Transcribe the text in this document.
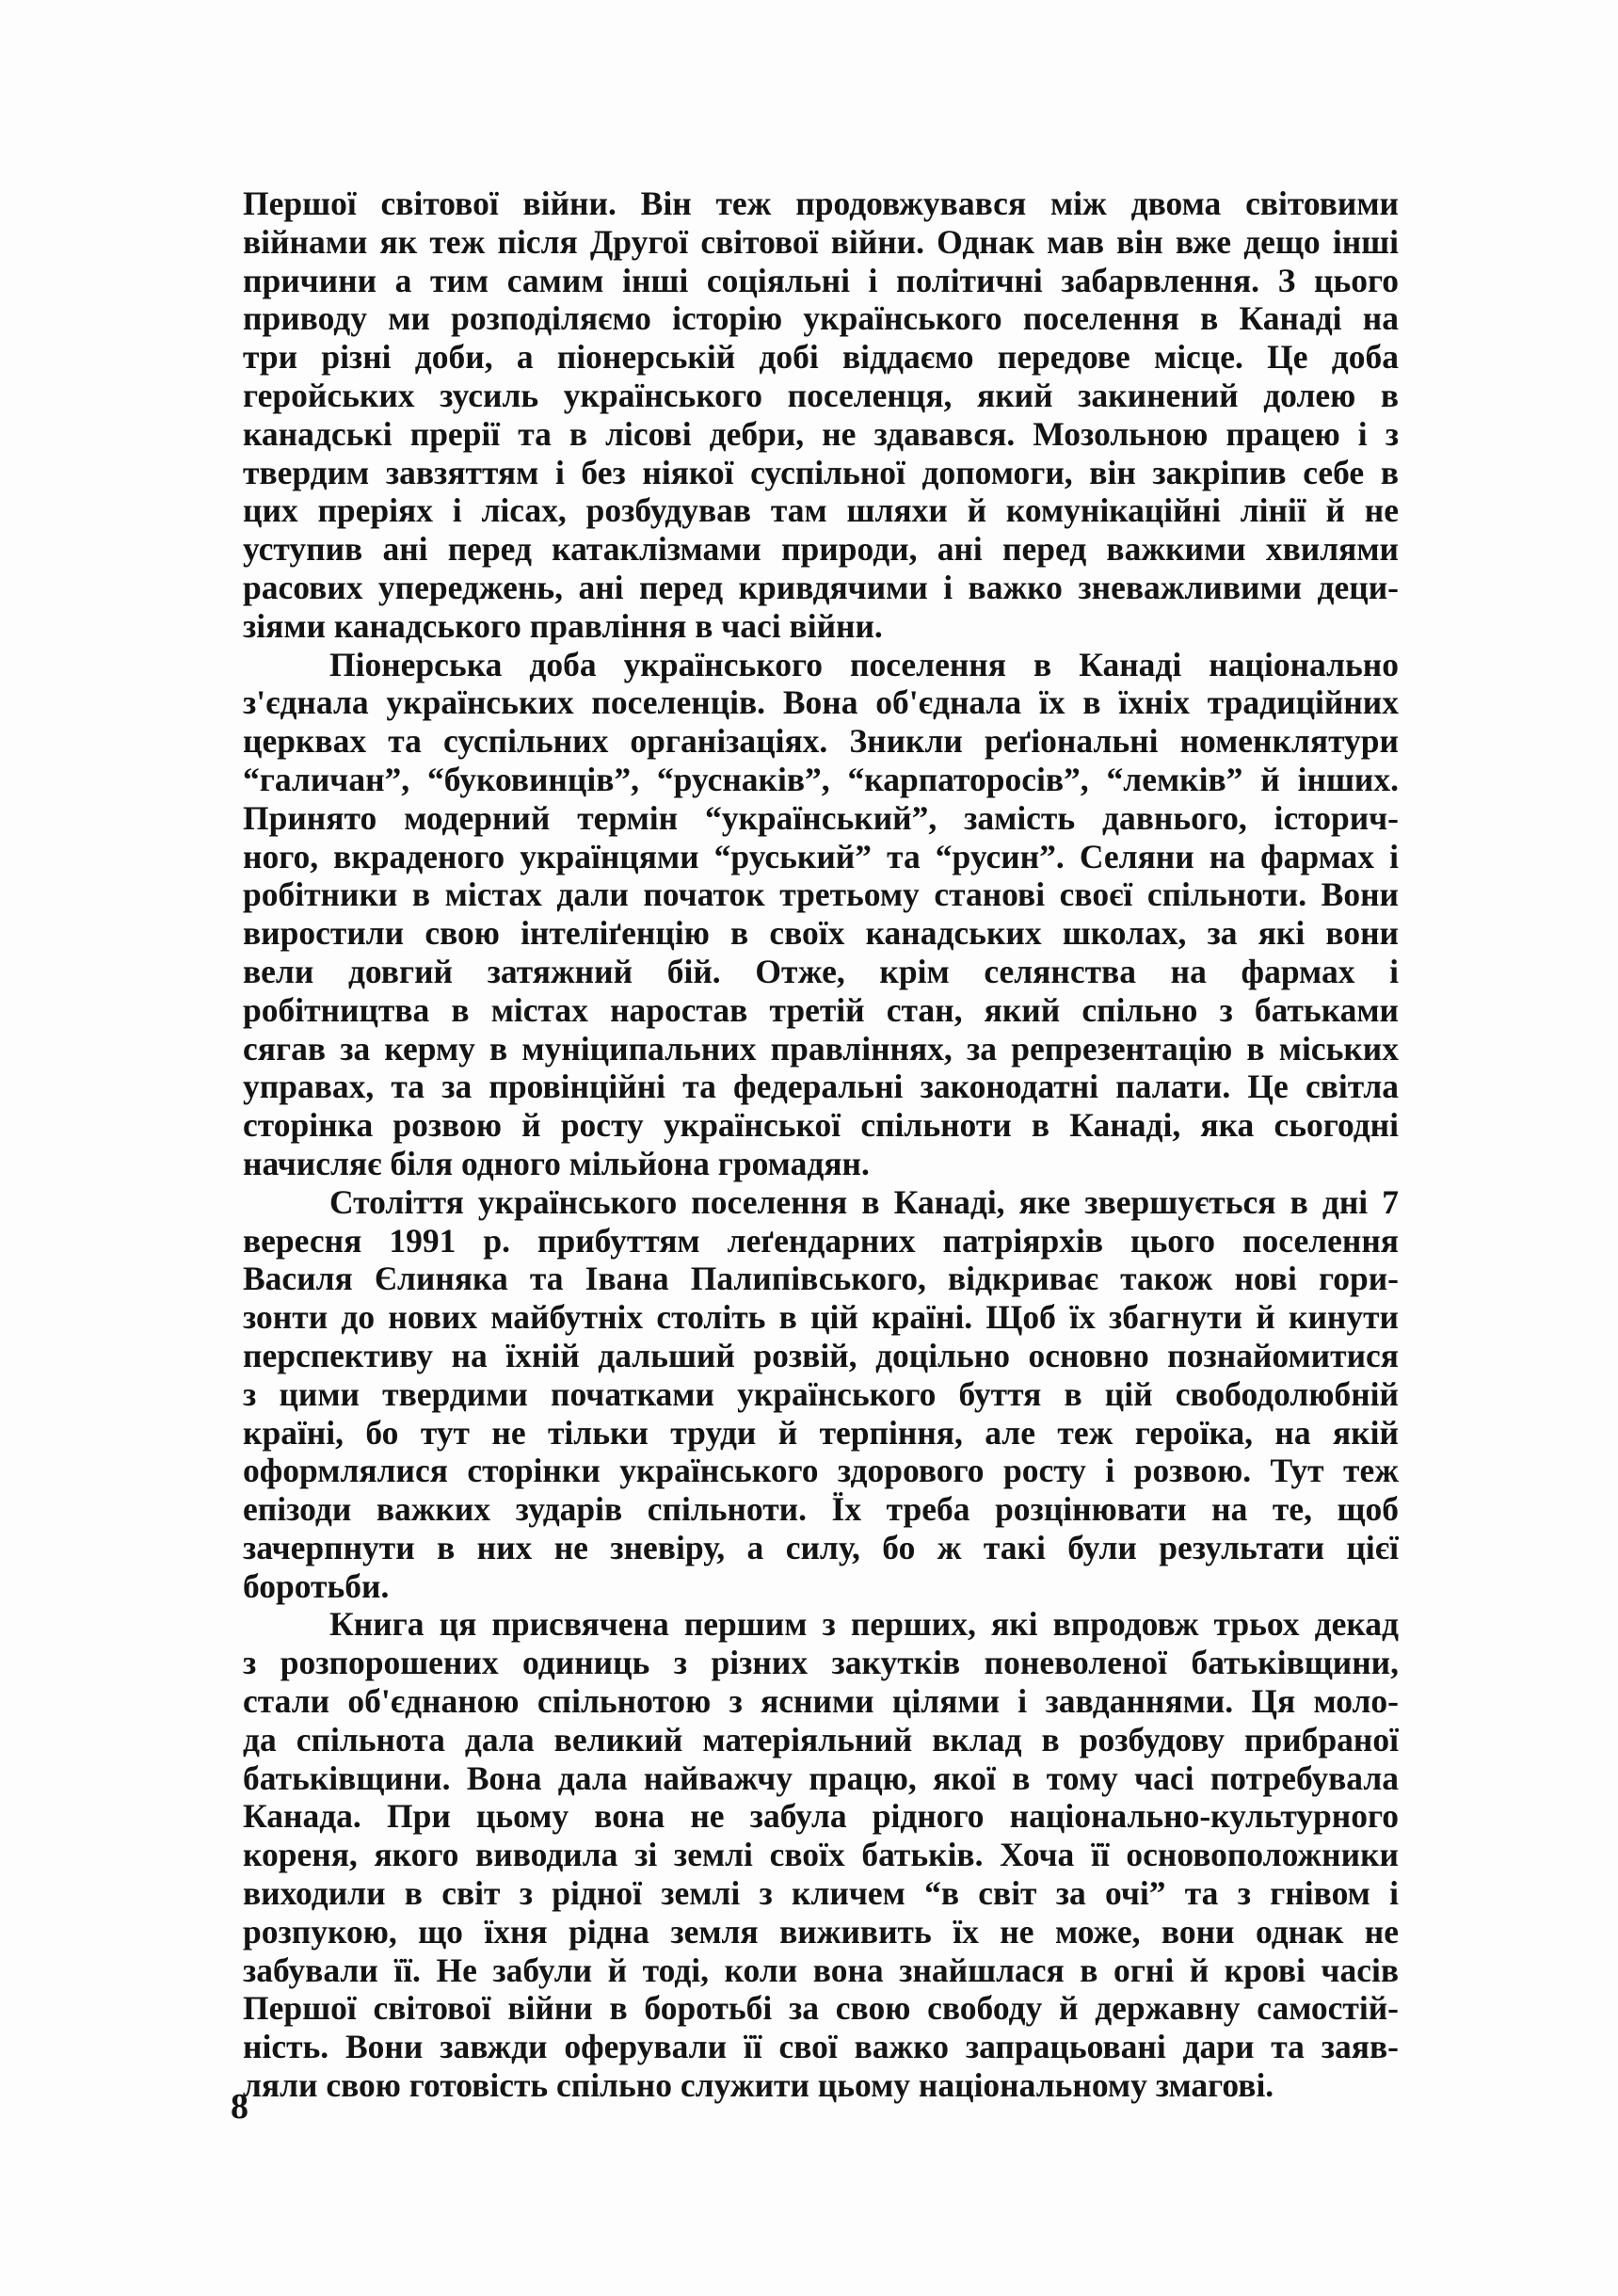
Першої світової війни. Він теж продовжувався між двома світовими
війнами як теж після Другої світової війни. Однак мав він вже дещо інші
причини а тим самим інші соціяльні і політичні забарвлення. З цього
приводу ми розподіляємо історію українського поселення в Канаді на
три різні доби, а піонерській добі віддаємо передове місце. Це доба
геройських зусиль українського поселенця, який закинений долею в
канадські прерії та в лісові дебри, не здавався. Мозольною працею і з
твердим завзяттям і без ніякої суспільної допомоги, він закріпив себе в
цих преріях і лісах, розбудував там шляхи й комунікаційні лінії й не
уступив ані перед катаклізмами природи, ані перед важкими хвилями
расових упереджень, ані перед кривдячими і важко зневажливими деци-
зіями канадського правління в часі війни.

Піонерська доба українського поселення в Канаді національно
з'єднала українських поселенців. Вона об'єднала їх в їхніх традиційних
церквах та суспільних організаціях. Зникли реґіональні номенклятури
“галичан”, “буковинців”, “руснаків”, “карпаторосів”, “лемків” й інших.
Принято модерний термін “український”, замість давнього, історич-
ного, вкраденого українцями “руський” та “русин”. Селяни на фармах і
робітники в містах дали початок третьому станові своєї спільноти. Вони
виростили свою інтеліґенцію в своїх канадських школах, за які вони
вели довгий затяжний бій. Отже, крім селянства на фармах і
робітництва в містах наростав третій стан, який спільно з батьками
сягав за керму в муніципальних правліннях, за репрезентацію в міських
управах, та за провінційні та федеральні законодатні палати. Це світла
сторінка розвою й росту української спільноти в Канаді, яка сьогодні
начисляє біля одного мільйона громадян.

Століття українського поселення в Канаді, яке звершується в дні 7
вересня 1991 р. прибуттям леґендарних патріярхів цього поселення
Василя Єлиняка та Івана Палипівського, відкриває також нові гори-
зонти до нових майбутніх століть в цій країні. Щоб їх збагнути й кинути
перспективу на їхній дальший розвій, доцільно основно познайомитися
з цими твердими початками українського буття в цій свободолюбній
країні, бо тут не тільки труди й терпіння, але теж героїка, на якій
оформлялися сторінки українського здорового росту і розвою. Тут теж
епізоди важких зударів спільноти. Їх треба розцінювати на те, щоб
зачерпнути в них не зневіру, а силу, бо ж такі були результати цієї
боротьби.

Книга ця присвячена першим з перших, які впродовж трьох декад
з розпорошених одиниць з різних закутків поневоленої батьківщини,
стали об'єднаною спільнотою з ясними цілями і завданнями. Ця моло-
да спільнота дала великий матеріяльний вклад в розбудову прибраної
батьківщини. Вона дала найважчу працю, якої в тому часі потребувала
Канада. При цьому вона не забула рідного національно-культурного
кореня, якого виводила зі землі своїх батьків. Хоча її основоположники
виходили в світ з рідної землі з кличем “в світ за очі” та з гнівом і
розпукою, що їхня рідна земля виживить їх не може, вони однак не
забували її. Не забули й тоді, коли вона знайшлася в огні й крові часів
Першої світової війни в боротьбі за свою свободу й державну самостій-
ність. Вони завжди оферували її свої важко запрацьовані дари та заяв-
ляли свою готовість спільно служити цьому національному змагові.

8
